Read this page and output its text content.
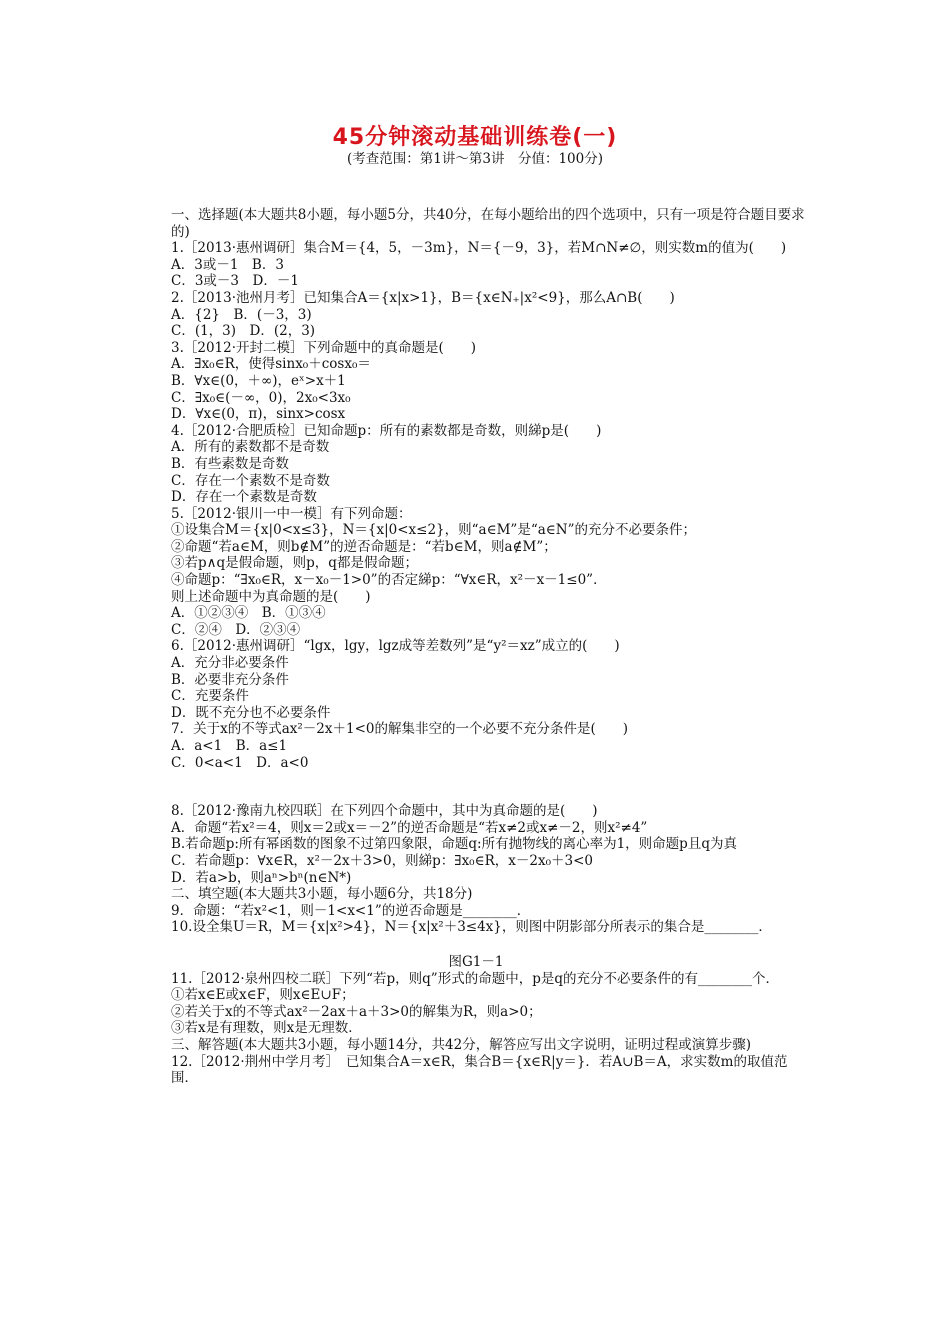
45分钟滚动基础训练卷(一)
(考查范围：第1讲～第3讲　分值：100分)
一、选择题(本大题共8小题，每小题5分，共40分，在每小题给出的四个选项中，只有一项是符合题目要求的)
1.［2013·惠州调研］集合M＝{4，5，－3m}，N＝{－9，3}，若M∩N≠∅，则实数m的值为(　　)
A．3或－1　B．3
C．3或－3　D．－1
2.［2013·池州月考］已知集合A＝{x|x>1}，B＝{x∈N₊|x²<9}，那么A∩B(　　)
A．{2}　B．(－3，3)
C．(1，3)　D．(2，3)
3.［2012·开封二模］下列命题中的真命题是(　　)
A．∃x₀∈R，使得sinx₀＋cosx₀＝
B．∀x∈(0，＋∞)，eˣ>x＋1
C．∃x₀∈(－∞，0)，2x₀<3x₀
D．∀x∈(0，π)，sinx>cosx
4.［2012·合肥质检］已知命题p：所有的素数都是奇数，则綈p是(　　)
A．所有的素数都不是奇数
B．有些素数是奇数
C．存在一个素数不是奇数
D．存在一个素数是奇数
5.［2012·银川一中一模］有下列命题：
①设集合M＝{x|0<x≤3}，N＝{x|0<x≤2}，则“a∈M”是“a∈N”的充分不必要条件；
②命题“若a∈M，则b∉M”的逆否命题是：“若b∈M，则a∉M”；
③若p∧q是假命题，则p，q都是假命题；
④命题p：“∃x₀∈R，x－x₀－1>0”的否定綈p：“∀x∈R，x²－x－1≤0”．
则上述命题中为真命题的是(　　)
A．①②③④　B．①③④
C．②④　D．②③④
6.［2012·惠州调研］“lgx，lgy，lgz成等差数列”是“y²＝xz”成立的(　　)
A．充分非必要条件
B．必要非充分条件
C．充要条件
D．既不充分也不必要条件
7．关于x的不等式ax²－2x＋1<0的解集非空的一个必要不充分条件是(　　)
A．a<1　B．a≤1
C．0<a<1　D．a<0
8.［2012·豫南九校四联］在下列四个命题中，其中为真命题的是(　　)
A．命题“若x²＝4，则x＝2或x＝－2”的逆否命题是“若x≠2或x≠－2，则x²≠4”
B.若命题p:所有幂函数的图象不过第四象限，命题q:所有抛物线的离心率为1，则命题p且q为真
C．若命题p：∀x∈R，x²－2x＋3>0，则綈p：∃x₀∈R，x－2x₀＋3<0
D．若a>b，则aⁿ>bⁿ(n∈N*)
二、填空题(本大题共3小题，每小题6分，共18分)
9．命题：“若x²<1，则－1<x<1”的逆否命题是________．
10.设全集U＝R，M＝{x|x²>4}，N＝{x|x²＋3≤4x}，则图中阴影部分所表示的集合是________．
图G1－1
11.［2012·泉州四校二联］下列“若p，则q”形式的命题中，p是q的充分不必要条件的有________个．
①若x∈E或x∈F，则x∈E∪F；
②若关于x的不等式ax²－2ax＋a＋3>0的解集为R，则a>0；
③若x是有理数，则x是无理数．
三、解答题(本大题共3小题，每小题14分，共42分，解答应写出文字说明，证明过程或演算步骤)
12.［2012·荆州中学月考］　已知集合A＝x∈R，集合B＝{x∈R|y＝}．若A∪B＝A，求实数m的取值范围．
